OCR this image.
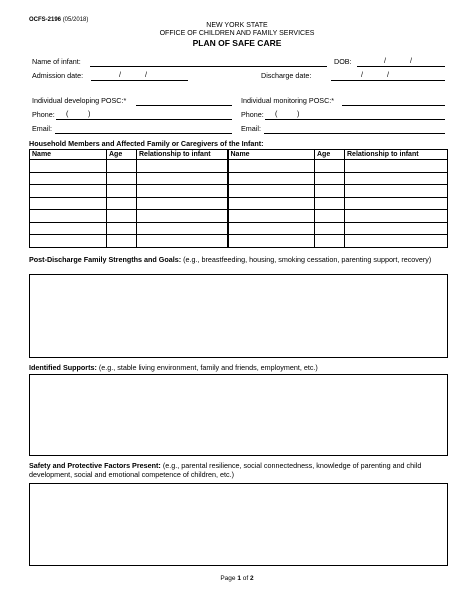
OCFS-2196 (05/2018)
NEW YORK STATE
OFFICE OF CHILDREN AND FAMILY SERVICES
PLAN OF SAFE CARE
Name of infant:	DOB:	/	/
Admission date:	/	/	Discharge date:	/	/
Individual developing POSC:*	Individual monitoring POSC:*
Phone: (	)	Phone: (	)
Email:	Email:
Household Members and Affected Family or Caregivers of the Infant:
Name	Age	Relationship to infant	Name	Age	Relationship to infant

Post-Discharge Family Strengths and Goals: (e.g., breastfeeding, housing, smoking cessation, parenting support, recovery)
Identified Supports: (e.g., stable living environment, family and friends, employment, etc.)
Safety and Protective Factors Present: (e.g., parental resilience, social connectedness, knowledge of parenting and child development, social and emotional competence of children, etc.)
Page 1 of 2
